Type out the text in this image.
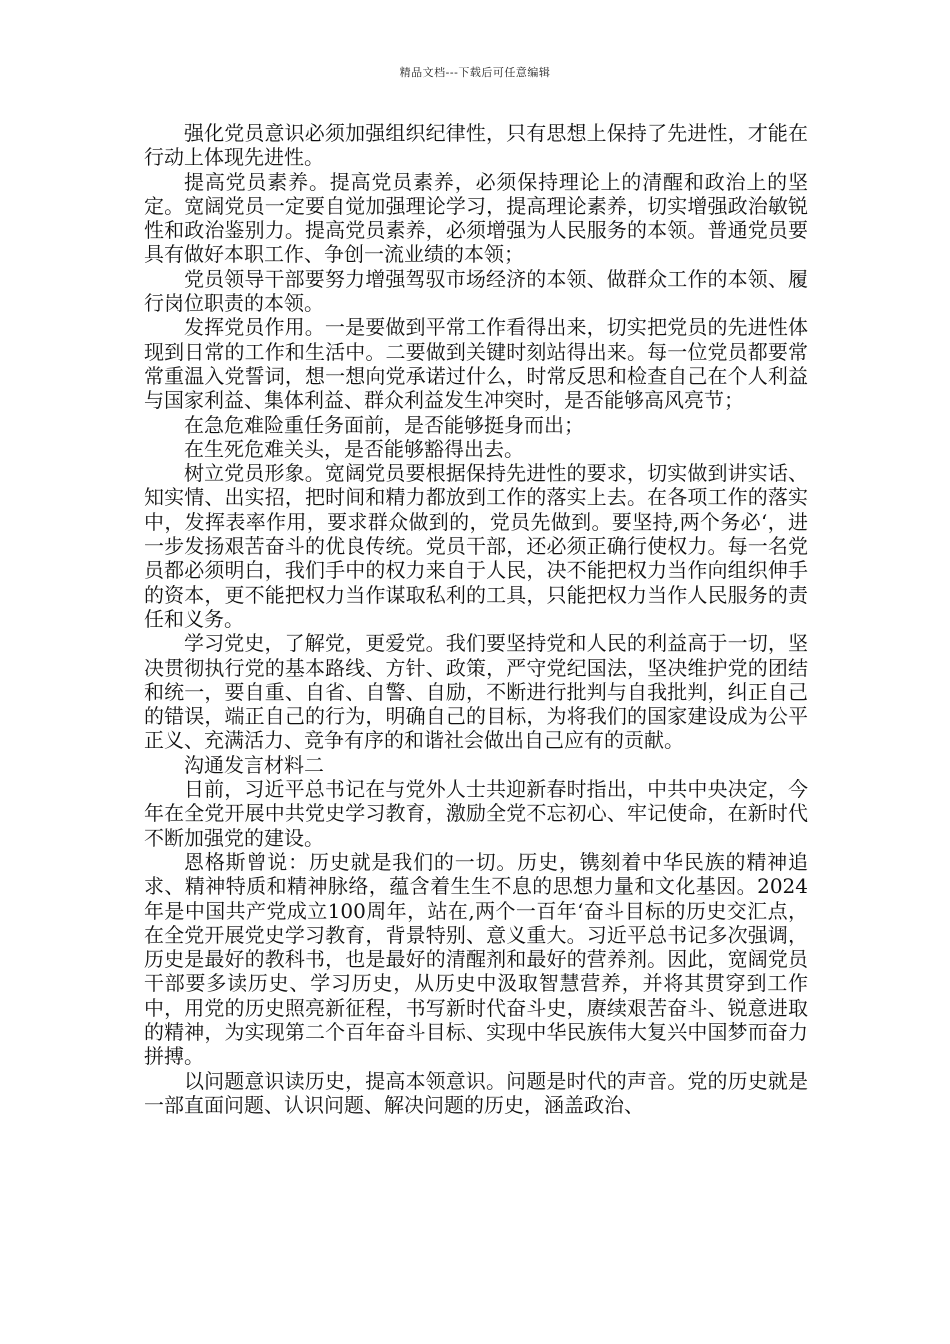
精品文档---下载后可任意编辑

强化党员意识必须加强组织纪律性，只有思想上保持了先进性，才能在行动上体现先进性。

提高党员素养。提高党员素养，必须保持理论上的清醒和政治上的坚定。宽阔党员一定要自觉加强理论学习，提高理论素养，切实增强政治敏锐性和政治鉴别力。提高党员素养，必须增强为人民服务的本领。普通党员要具有做好本职工作、争创一流业绩的本领；

党员领导干部要努力增强驾驭市场经济的本领、做群众工作的本领、履行岗位职责的本领。

发挥党员作用。一是要做到平常工作看得出来，切实把党员的先进性体现到日常的工作和生活中。二要做到关键时刻站得出来。每一位党员都要常常重温入党誓词，想一想向党承诺过什么，时常反思和检查自己在个人利益与国家利益、集体利益、群众利益发生冲突时，是否能够高风亮节；

在急危难险重任务面前，是否能够挺身而出；

在生死危难关头，是否能够豁得出去。

树立党员形象。宽阔党员要根据保持先进性的要求，切实做到讲实话、知实情、出实招，把时间和精力都放到工作的落实上去。在各项工作的落实中，发挥表率作用，要求群众做到的，党员先做到。要坚持,两个务必‘，进一步发扬艰苦奋斗的优良传统。党员干部，还必须正确行使权力。每一名党员都必须明白，我们手中的权力来自于人民，决不能把权力当作向组织伸手的资本，更不能把权力当作谋取私利的工具，只能把权力当作人民服务的责任和义务。

学习党史，了解党，更爱党。我们要坚持党和人民的利益高于一切，坚决贯彻执行党的基本路线、方针、政策，严守党纪国法，坚决维护党的团结和统一，要自重、自省、自警、自励，不断进行批判与自我批判，纠正自己的错误，端正自己的行为，明确自己的目标，为将我们的国家建设成为公平正义、充满活力、竞争有序的和谐社会做出自己应有的贡献。

沟通发言材料二

日前，习近平总书记在与党外人士共迎新春时指出，中共中央决定，今年在全党开展中共党史学习教育，激励全党不忘初心、牢记使命，在新时代不断加强党的建设。

恩格斯曾说：历史就是我们的一切。历史，镌刻着中华民族的精神追求、精神特质和精神脉络，蕴含着生生不息的思想力量和文化基因。2024年是中国共产党成立100周年，站在,两个一百年‘奋斗目标的历史交汇点，在全党开展党史学习教育，背景特别、意义重大。习近平总书记多次强调，历史是最好的教科书，也是最好的清醒剂和最好的营养剂。因此，宽阔党员干部要多读历史、学习历史，从历史中汲取智慧营养，并将其贯穿到工作中，用党的历史照亮新征程，书写新时代奋斗史，赓续艰苦奋斗、锐意进取的精神，为实现第二个百年奋斗目标、实现中华民族伟大复兴中国梦而奋力拼搏。

以问题意识读历史，提高本领意识。问题是时代的声音。党的历史就是一部直面问题、认识问题、解决问题的历史，涵盖政治、
